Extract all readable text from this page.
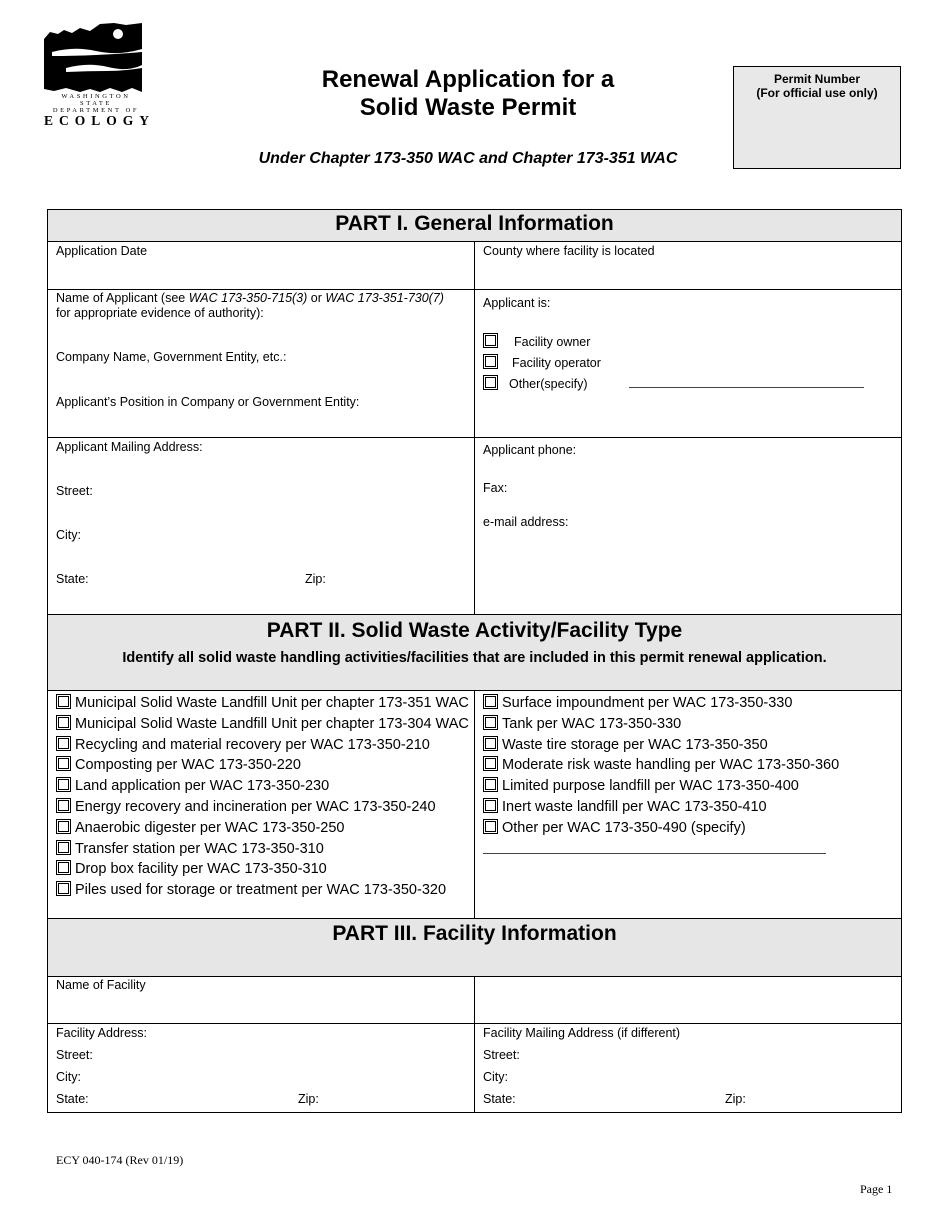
WASHINGTON STATE
DEPARTMENT OF
ECOLOGY
Renewal Application for a
Solid Waste Permit
Under Chapter 173-350 WAC and Chapter 173-351 WAC
Permit Number
(For official use only)
PART I. General Information
Application Date	County where facility is located
Name of Applicant (see WAC 173-350-715(3) or WAC 173-351-730(7)
for appropriate evidence of authority):
Company Name, Government Entity, etc.:
Applicant’s Position in Company or Government Entity:
Applicant is:
Facility owner
Facility operator
Other(specify)
Applicant Mailing Address:
Street:
City:
State:	Zip:
Applicant phone:
Fax:
e-mail address:
PART II. Solid Waste Activity/Facility Type
Identify all solid waste handling activities/facilities that are included in this permit renewal application.
Municipal Solid Waste Landfill Unit per chapter 173-351 WAC
Municipal Solid Waste Landfill Unit per chapter 173-304 WAC
Recycling and material recovery per WAC 173-350-210
Composting per WAC 173-350-220
Land application per WAC 173-350-230
Energy recovery and incineration per WAC 173-350-240
Anaerobic digester per WAC 173-350-250
Transfer station per WAC 173-350-310
Drop box facility per WAC 173-350-310
Piles used for storage or treatment per WAC 173-350-320
Surface impoundment per WAC 173-350-330
Tank per WAC 173-350-330
Waste tire storage per WAC 173-350-350
Moderate risk waste handling per WAC 173-350-360
Limited purpose landfill per WAC 173-350-400
Inert waste landfill per WAC 173-350-410
Other per WAC 173-350-490 (specify)
PART III. Facility Information
Name of Facility
Facility Address:
Street:
City:
State:	Zip:
Facility Mailing Address (if different)
Street:
City:
State:	Zip:
ECY 040-174 (Rev 01/19)
Page 1
